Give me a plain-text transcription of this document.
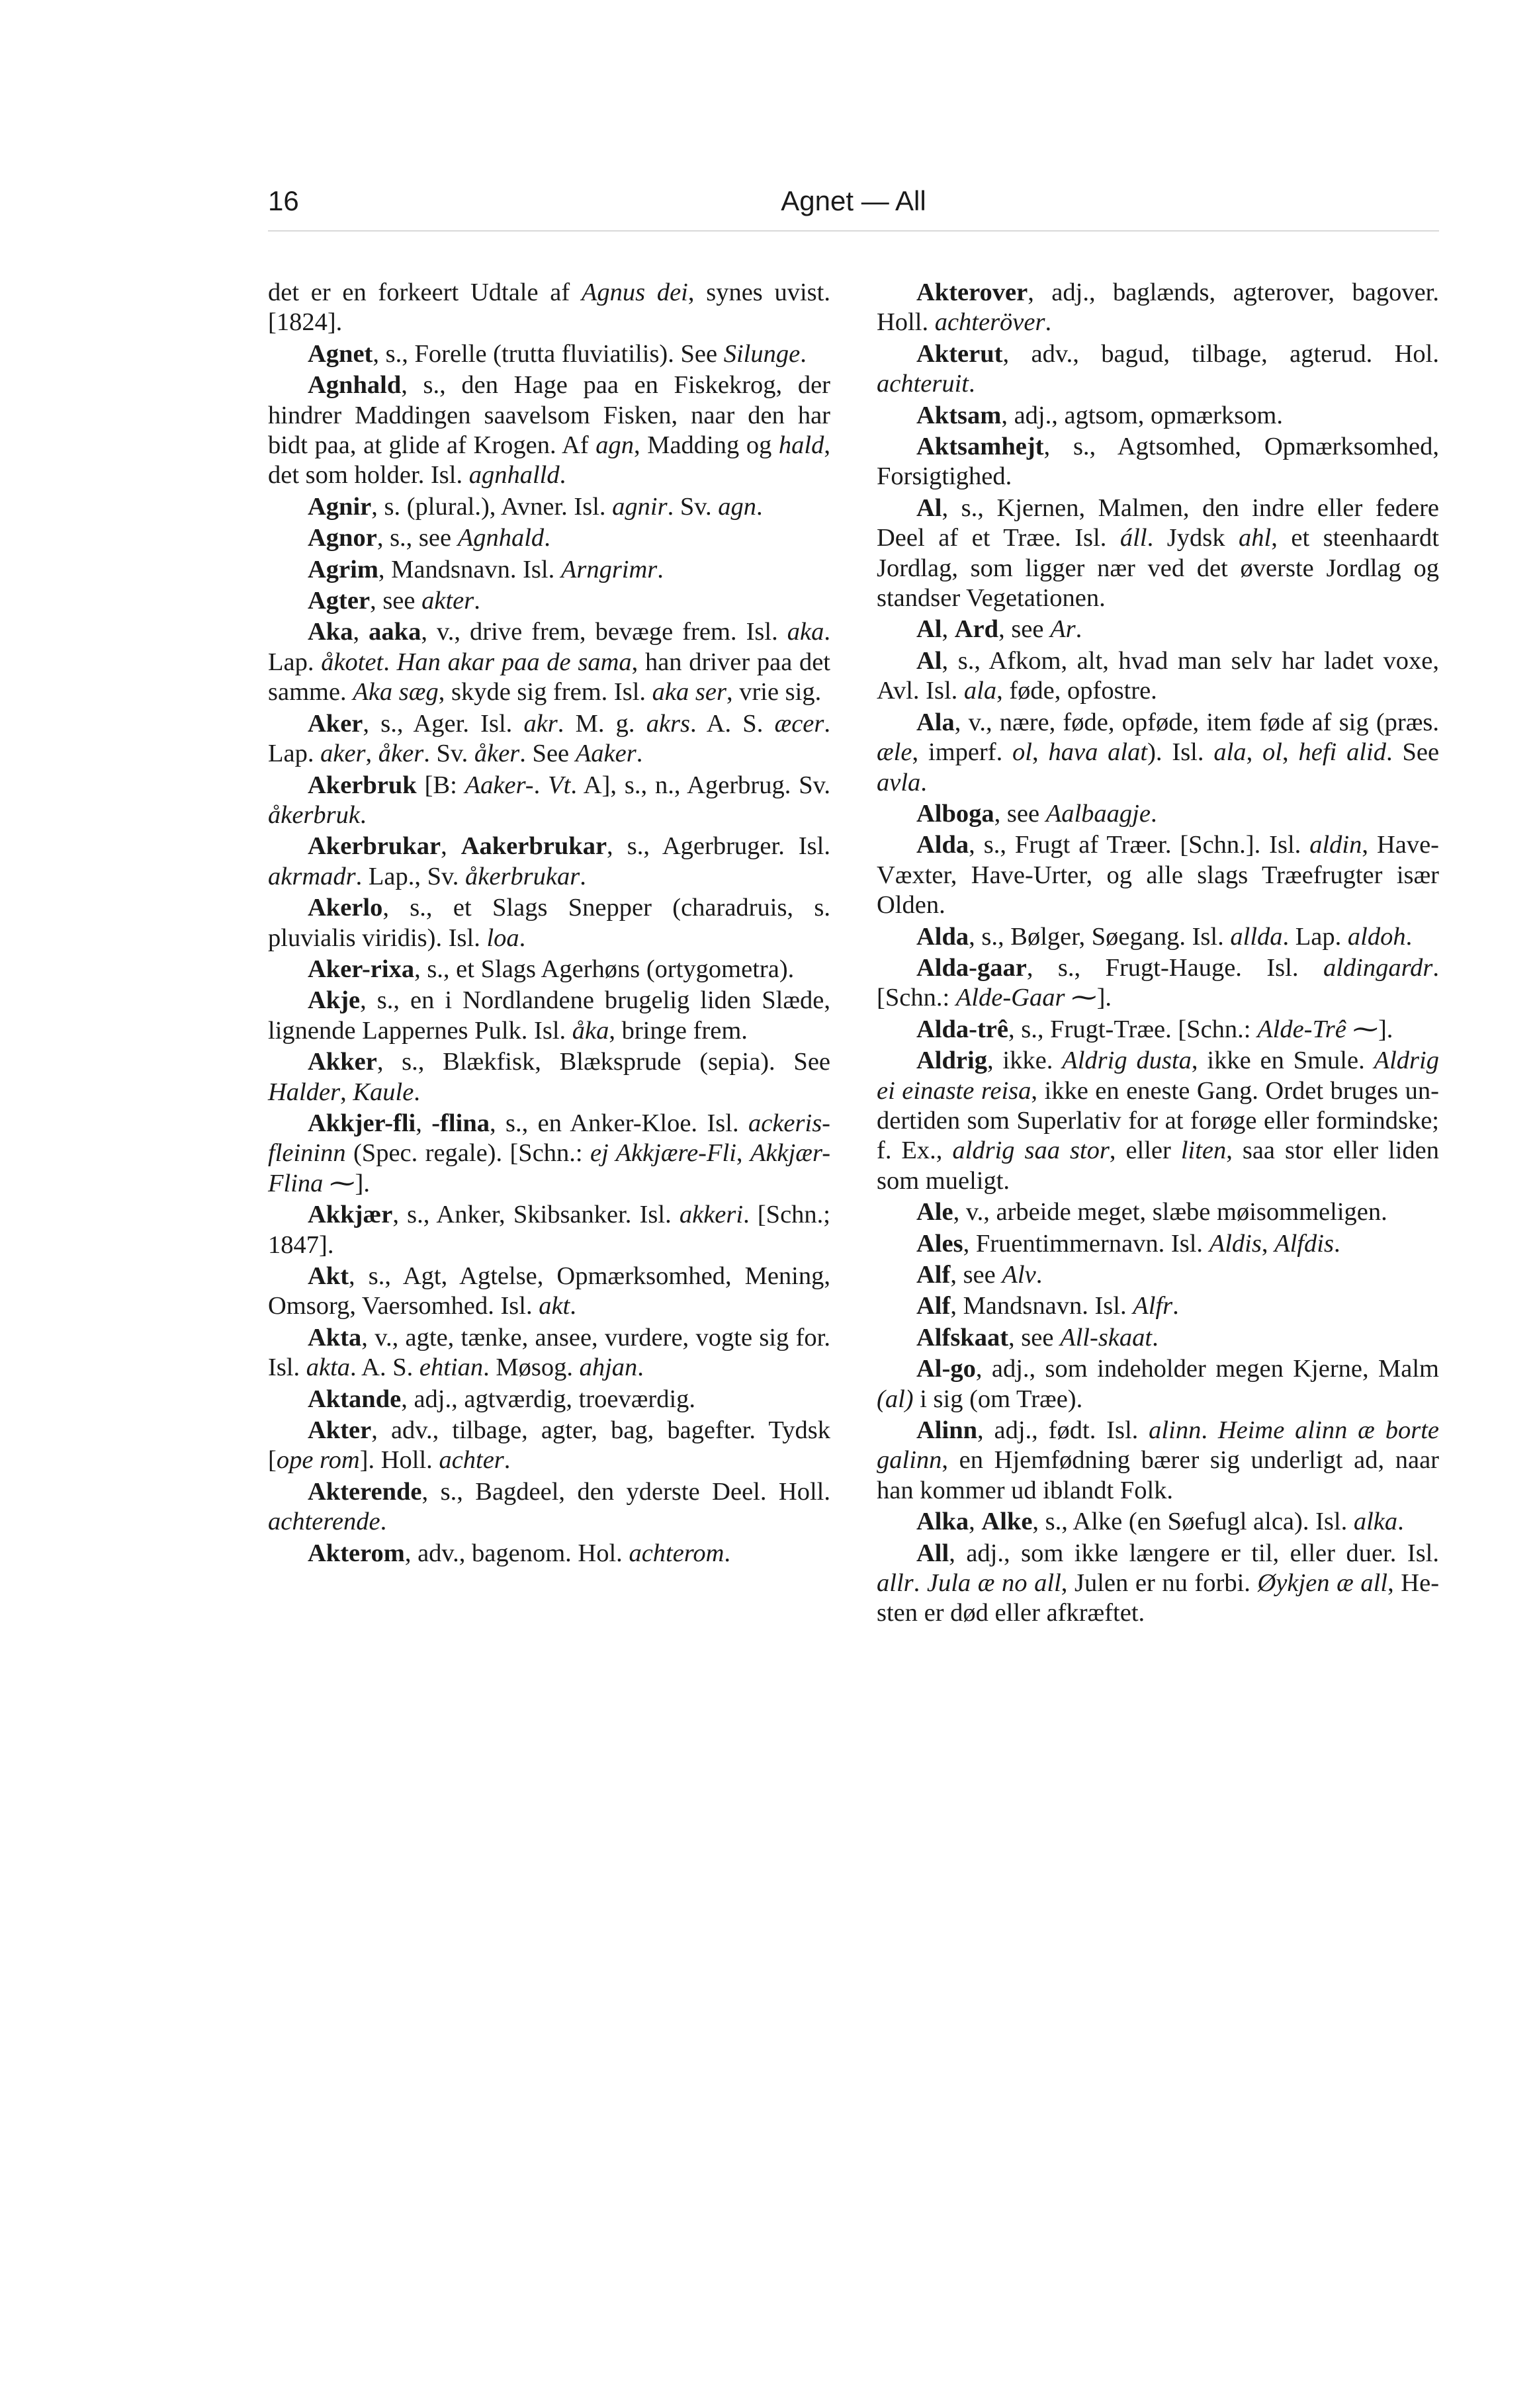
16	Agnet — All

det er en forkeert Udtale af Agnus dei, synes uvist. [1824].

Agnet, s., Forelle (trutta fluviatilis). See Silunge.

Agnhald, s., den Hage paa en Fiskekrog, der hindrer Maddingen saavelsom Fisken, naar den har bidt paa, at glide af Krogen. Af agn, Madding og hald, det som holder. Isl. agnhalld.

Agnir, s. (plural.), Avner. Isl. agnir. Sv. agn.

Agnor, s., see Agnhald.

Agrim, Mandsnavn. Isl. Arngrimr.

Agter, see akter.

Aka, aaka, v., drive frem, bevæge frem. Isl. aka. Lap. åkotet. Han akar paa de sama, han driver paa det samme. Aka sæg, skyde sig frem. Isl. aka ser, vrie sig.

Aker, s., Ager. Isl. akr. M. g. akrs. A. S. æcer. Lap. aker, åker. Sv. åker. See Aaker.

Akerbruk [B: Aaker-. Vt. A], s., n., Agerbrug. Sv. åkerbruk.

Akerbrukar, Aakerbrukar, s., Agerbruger. Isl. akrmadr. Lap., Sv. åkerbrukar.

Akerlo, s., et Slags Snepper (charadruis, s. pluvialis viridis). Isl. loa.

Aker-rixa, s., et Slags Agerhøns (ortygometra).

Akje, s., en i Nordlandene brugelig liden Slæde, lignende Lappernes Pulk. Isl. åka, bringe frem.

Akker, s., Blækfisk, Blæksprude (sepia). See Halder, Kaule.

Akkjer-fli, -flina, s., en Anker-Kloe. Isl. ackeris-fleininn (Spec. regale). [Schn.: ej Akkjære-Fli, Akkjær-Flina ⁓].

Akkjær, s., Anker, Skibsanker. Isl. akkeri. [Schn.; 1847].

Akt, s., Agt, Agtelse, Opmærksomhed, Mening, Omsorg, Vaersomhed. Isl. akt.

Akta, v., agte, tænke, ansee, vurdere, vogte sig for. Isl. akta. A. S. ehtian. Møsog. ahjan.

Aktande, adj., agtværdig, troeværdig.

Akter, adv., tilbage, agter, bag, bagefter. Tydsk [ope rom]. Holl. achter.

Akterende, s., Bagdeel, den yderste Deel. Holl. achterende.

Akterom, adv., bagenom. Hol. achterom.

Akterover, adj., baglænds, agterover, bagover. Holl. achteröver.

Akterut, adv., bagud, tilbage, agterud. Hol. achteruit.

Aktsam, adj., agtsom, opmærksom.

Aktsamhejt, s., Agtsomhed, Opmærksomhed, Forsigtighed.

Al, s., Kjernen, Malmen, den indre eller federe Deel af et Træe. Isl. áll. Jydsk ahl, et steenhaardt Jordlag, som ligger nær ved det øverste Jordlag og standser Vegetationen.

Al, Ard, see Ar.

Al, s., Afkom, alt, hvad man selv har ladet voxe, Avl. Isl. ala, føde, opfostre.

Ala, v., nære, føde, opføde, item føde af sig (præs. æle, imperf. ol, hava alat). Isl. ala, ol, hefi alid. See avla.

Alboga, see Aalbaagje.

Alda, s., Frugt af Træer. [Schn.]. Isl. aldin, Have-Væxter, Have-Urter, og alle slags Træefrugter især Olden.

Alda, s., Bølger, Søegang. Isl. allda. Lap. aldoh.

Alda-gaar, s., Frugt-Hauge. Isl. aldingardr. [Schn.: Alde-Gaar ⁓].

Alda-trê, s., Frugt-Træe. [Schn.: Alde-Trê ⁓].

Aldrig, ikke. Aldrig dusta, ikke en Smule. Aldrig ei einaste reisa, ikke en eneste Gang. Ordet bruges undertiden som Superlativ for at forøge eller formindske; f. Ex., aldrig saa stor, eller liten, saa stor eller liden som mueligt.

Ale, v., arbeide meget, slæbe møisommeligen.

Ales, Fruentimmernavn. Isl. Aldis, Alfdis.

Alf, see Alv.

Alf, Mandsnavn. Isl. Alfr.

Alfskaat, see All-skaat.

Al-go, adj., som indeholder megen Kjerne, Malm (al) i sig (om Træe).

Alinn, adj., født. Isl. alinn. Heime alinn æ borte galinn, en Hjemfødning bærer sig underligt ad, naar han kommer ud iblandt Folk.

Alka, Alke, s., Alke (en Søefugl alca). Isl. alka.

All, adj., som ikke længere er til, eller duer. Isl. allr. Jula æ no all, Julen er nu forbi. Øykjen æ all, Hesten er død eller afkræftet.
